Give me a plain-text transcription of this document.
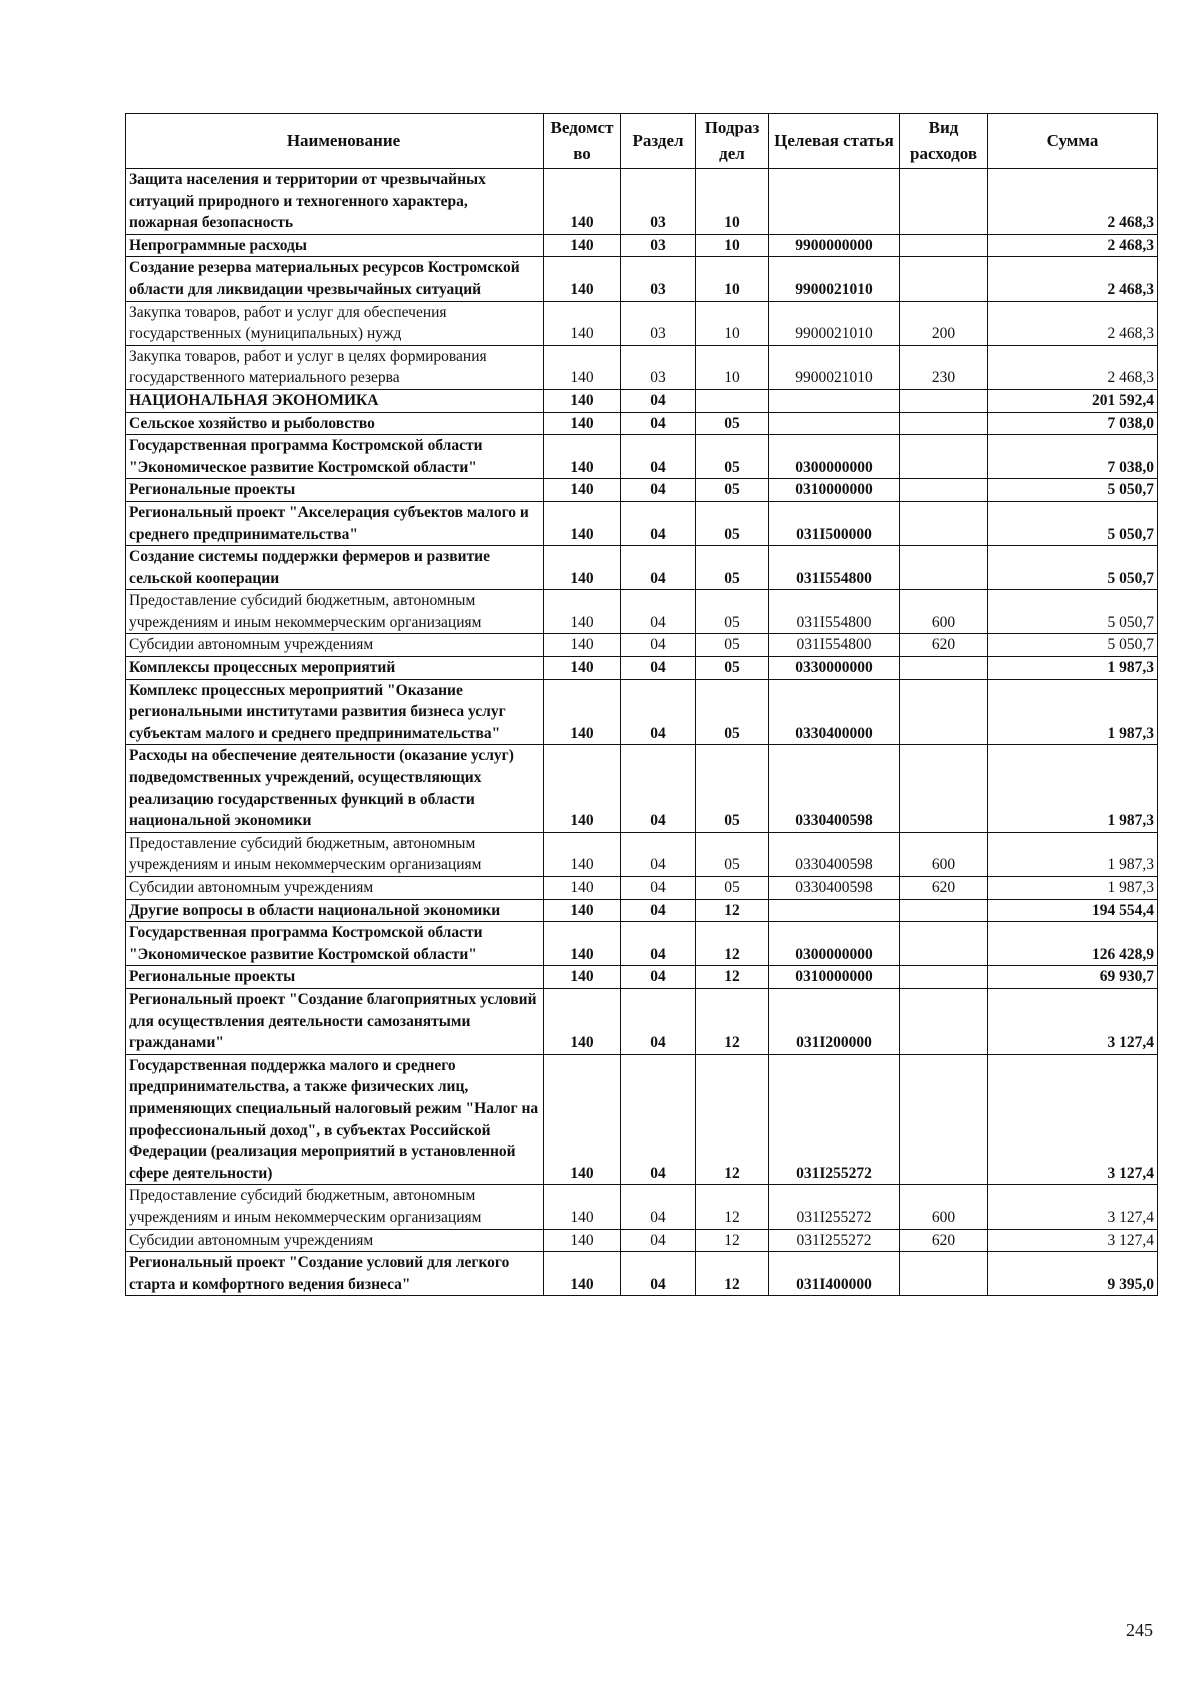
Наименование	Ведомст во	Раздел	Подраз дел	Целевая статья	Вид расходов	Сумма
Защита населения и территории от чрезвычайных ситуаций природного и техногенного характера, пожарная безопасность	140	03	10			2 468,3
Непрограммные расходы	140	03	10	9900000000		2 468,3
Создание резерва материальных ресурсов Костромской области для ликвидации чрезвычайных ситуаций	140	03	10	9900021010		2 468,3
Закупка товаров, работ и услуг для обеспечения государственных (муниципальных) нужд	140	03	10	9900021010	200	2 468,3
Закупка товаров, работ и услуг в целях формирования государственного материального резерва	140	03	10	9900021010	230	2 468,3
НАЦИОНАЛЬНАЯ ЭКОНОМИКА	140	04				201 592,4
Сельское хозяйство и рыболовство	140	04	05			7 038,0
Государственная программа Костромской области "Экономическое развитие Костромской области"	140	04	05	0300000000		7 038,0
Региональные проекты	140	04	05	0310000000		5 050,7
Региональный проект "Акселерация субъектов малого и среднего предпринимательства"	140	04	05	031I500000		5 050,7
Создание системы поддержки фермеров и развитие сельской кооперации	140	04	05	031I554800		5 050,7
Предоставление субсидий бюджетным, автономным учреждениям и иным некоммерческим организациям	140	04	05	031I554800	600	5 050,7
Субсидии автономным учреждениям	140	04	05	031I554800	620	5 050,7
Комплексы процессных мероприятий	140	04	05	0330000000		1 987,3
Комплекс процессных мероприятий "Оказание региональными институтами развития бизнеса услуг субъектам малого и среднего предпринимательства"	140	04	05	0330400000		1 987,3
Расходы на обеспечение деятельности (оказание услуг) подведомственных учреждений, осуществляющих реализацию государственных функций в области национальной экономики	140	04	05	0330400598		1 987,3
Предоставление субсидий бюджетным, автономным учреждениям и иным некоммерческим организациям	140	04	05	0330400598	600	1 987,3
Субсидии автономным учреждениям	140	04	05	0330400598	620	1 987,3
Другие вопросы в области национальной экономики	140	04	12			194 554,4
Государственная программа Костромской области "Экономическое развитие Костромской области"	140	04	12	0300000000		126 428,9
Региональные проекты	140	04	12	0310000000		69 930,7
Региональный проект "Создание благоприятных условий для осуществления деятельности самозанятыми гражданами"	140	04	12	031I200000		3 127,4
Государственная поддержка малого и среднего предпринимательства, а также физических лиц, применяющих специальный налоговый режим "Налог на профессиональный доход", в субъектах Российской Федерации (реализация мероприятий в установленной сфере деятельности)	140	04	12	031I255272		3 127,4
Предоставление субсидий бюджетным, автономным учреждениям и иным некоммерческим организациям	140	04	12	031I255272	600	3 127,4
Субсидии автономным учреждениям	140	04	12	031I255272	620	3 127,4
Региональный проект "Создание условий для легкого старта и комфортного ведения бизнеса"	140	04	12	031I400000		9 395,0
245
